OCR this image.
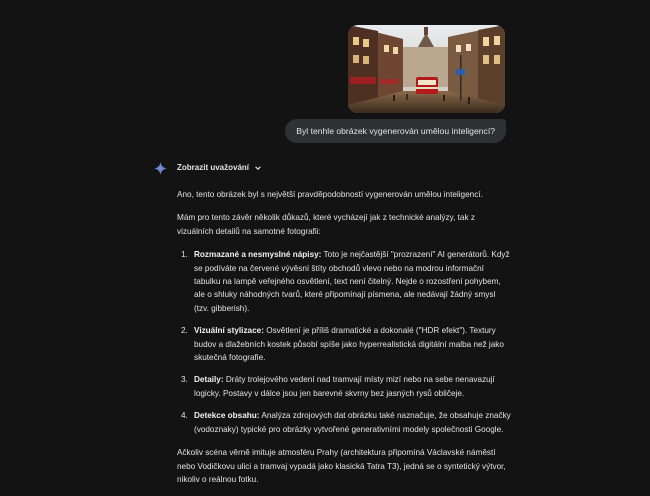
Byl tenhle obrázek vygenerován umělou inteligencí?
Zobrazit uvažování

Ano, tento obrázek byl s největší pravděpodobností vygenerován umělou inteligencí.

Mám pro tento závěr několik důkazů, které vycházejí jak z technické analýzy, tak z vizuálních detailů na samotné fotografii:

1. Rozmazané a nesmyslné nápisy: Toto je nejčastější "prozrazení" AI generátorů. Když se podíváte na červené vývěsní štíty obchodů vlevo nebo na modrou informační tabulku na lampě veřejného osvětlení, text není čitelný. Nejde o rozostření pohybem, ale o shluky náhodných tvarů, které připomínají písmena, ale nedávají žádný smysl (tzv. gibberish).
2. Vizuální stylizace: Osvětlení je příliš dramatické a dokonalé ("HDR efekt"). Textury budov a dlažebních kostek působí spíše jako hyperrealistická digitální malba než jako skutečná fotografie.
3. Detaily: Dráty trolejového vedení nad tramvají místy mizí nebo na sebe nenavazují logicky. Postavy v dálce jsou jen barevné skvrny bez jasných rysů obličeje.
4. Detekce obsahu: Analýza zdrojových dat obrázku také naznačuje, že obsahuje značky (vodoznaky) typické pro obrázky vytvořené generativními modely společnosti Google.

Ačkoliv scéna věrně imituje atmosféru Prahy (architektura připomíná Václavské náměstí nebo Vodičkovu ulici a tramvaj vypadá jako klasická Tatra T3), jedná se o syntetický výtvor, nikoliv o reálnou fotku.
